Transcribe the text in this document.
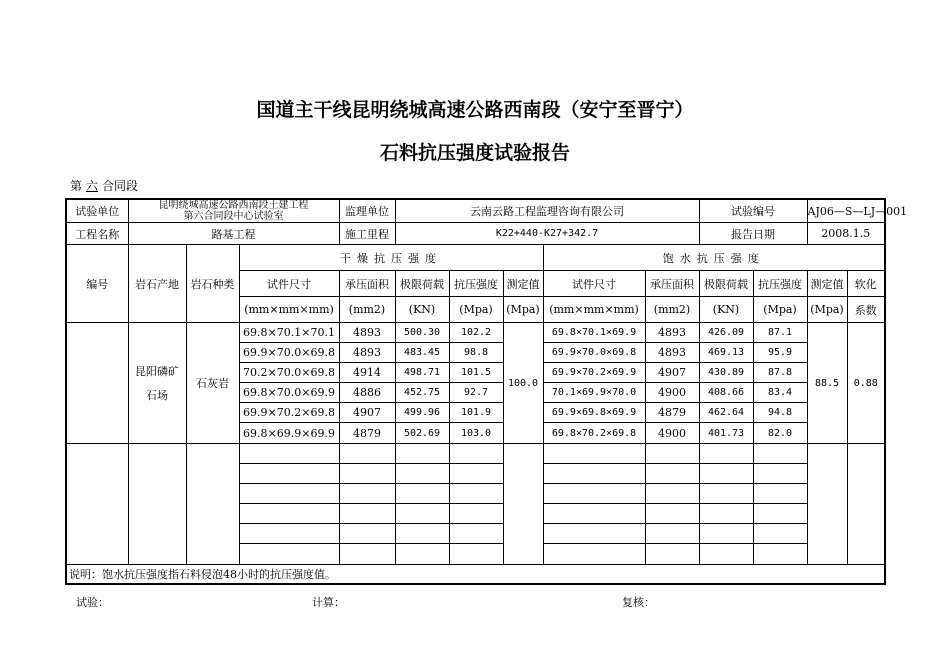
国道主干线昆明绕城高速公路西南段（安宁至晋宁）
石料抗压强度试验报告
第 六 合同段
试验单位	昆明绕城高速公路西南段土建工程
第六合同段中心试验室			监理单位	云南云路工程监理咨询有限公司					试验编号		AJ06—S—LJ—001	
工程名称	路基工程			施工里程	K22+440-K27+342.7					报告日期		2008.1.5	
编号	岩石产地	岩石种类	干燥抗压强度					饱水抗压强度					
			试件尺寸	承压面积	极限荷载	抗压强度	测定值	试件尺寸	承压面积	极限荷载	抗压强度	测定值	软化
			(mm×mm×mm)	(mm2)	(KN)	(Mpa)	(Mpa)	(mm×mm×mm)	(mm2)	(KN)	(Mpa)	(Mpa)	系数

	昆阳磷矿
石场	石灰岩	69.8×70.1×70.1	4893	500.30	102.2	100.0	69.8×70.1×69.9	4893	426.09	87.1	88.5	0.88
			69.9×70.0×69.8	4893	483.45	98.8		69.9×70.0×69.8	4893	469.13	95.9		
			70.2×70.0×69.8	4914	498.71	101.5		69.9×70.2×69.9	4907	430.89	87.8		
			69.8×70.0×69.9	4886	452.75	92.7		70.1×69.9×70.0	4900	408.66	83.4		
			69.9×70.2×69.8	4907	499.96	101.9		69.9×69.8×69.9	4879	462.64	94.8		
			69.8×69.9×69.9	4879	502.69	103.0		69.8×70.2×69.8	4900	401.73	82.0		

说明：饱水抗压强度指石料侵泡48小时的抗压强度值。													
试验：	计算：	复核：
